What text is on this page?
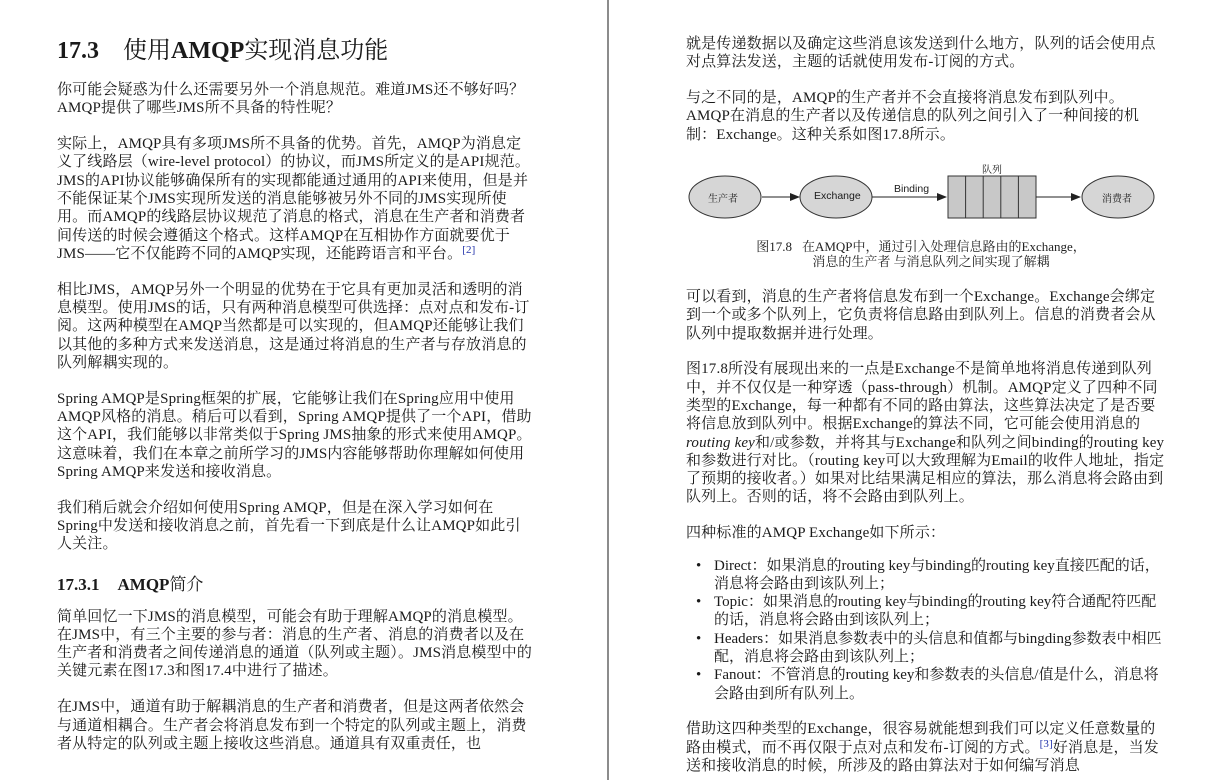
17.3 使用AMQP实现消息功能

你可能会疑惑为什么还需要另外一个消息规范。难道JMS还不够好吗？AMQP提供了哪些JMS所不具备的特性呢？

实际上，AMQP具有多项JMS所不具备的优势。首先，AMQP为消息定义了线路层（wire-level protocol）的协议，而JMS所定义的是API规范。JMS的API协议能够确保所有的实现都能通过通用的API来使用，但是并不能保证某个JMS实现所发送的消息能够被另外不同的JMS实现所使用。而AMQP的线路层协议规范了消息的格式，消息在生产者和消费者间传送的时候会遵循这个格式。这样AMQP在互相协作方面就要优于JMS——它不仅能跨不同的AMQP实现，还能跨语言和平台。[2]

相比JMS，AMQP另外一个明显的优势在于它具有更加灵活和透明的消息模型。使用JMS的话，只有两种消息模型可供选择：点对点和发布-订阅。这两种模型在AMQP当然都是可以实现的，但AMQP还能够让我们以其他的多种方式来发送消息，这是通过将消息的生产者与存放消息的队列解耦实现的。

Spring AMQP是Spring框架的扩展，它能够让我们在Spring应用中使用AMQP风格的消息。稍后可以看到，Spring AMQP提供了一个API，借助这个API，我们能够以非常类似于Spring JMS抽象的形式来使用AMQP。这意味着，我们在本章之前所学习的JMS内容能够帮助你理解如何使用Spring AMQP来发送和接收消息。

我们稍后就会介绍如何使用Spring AMQP，但是在深入学习如何在Spring中发送和接收消息之前，首先看一下到底是什么让AMQP如此引人关注。

17.3.1 AMQP简介

简单回忆一下JMS的消息模型，可能会有助于理解AMQP的消息模型。在JMS中，有三个主要的参与者：消息的生产者、消息的消费者以及在生产者和消费者之间传递消息的通道（队列或主题）。JMS消息模型中的关键元素在图17.3和图17.4中进行了描述。

在JMS中，通道有助于解耦消息的生产者和消费者，但是这两者依然会与通道相耦合。生产者会将消息发布到一个特定的队列或主题上，消费者从特定的队列或主题上接收这些消息。通道具有双重责任，也

就是传递数据以及确定这些消息该发送到什么地方，队列的话会使用点对点算法发送，主题的话就使用发布-订阅的方式。

与之不同的是，AMQP的生产者并不会直接将消息发布到队列中。AMQP在消息的生产者以及传递信息的队列之间引入了一种间接的机制：Exchange。这种关系如图17.8所示。

生产者	Exchange
Binding
队列
消费者
图17.8 在AMQP中，通过引入处理信息路由的Exchange，
消息的生产者 与消息队列之间实现了解耦

可以看到，消息的生产者将信息发布到一个Exchange。Exchange会绑定到一个或多个队列上，它负责将信息路由到队列上。信息的消费者会从队列中提取数据并进行处理。

图17.8所没有展现出来的一点是Exchange不是简单地将消息传递到队列中，并不仅仅是一种穿透（pass-through）机制。AMQP定义了四种不同类型的Exchange，每一种都有不同的路由算法，这些算法决定了是否要将信息放到队列中。根据Exchange的算法不同，它可能会使用消息的routing key和/或参数，并将其与Exchange和队列之间binding的routing key和参数进行对比。（routing key可以大致理解为Email的收件人地址，指定了预期的接收者。）如果对比结果满足相应的算法，那么消息将会路由到队列上。否则的话，将不会路由到队列上。

四种标准的AMQP Exchange如下所示：

• Direct：如果消息的routing key与binding的routing key直接匹配的话，消息将会路由到该队列上；
• Topic：如果消息的routing key与binding的routing key符合通配符匹配的话，消息将会路由到该队列上；
• Headers：如果消息参数表中的头信息和值都与bingding参数表中相匹配，消息将会路由到该队列上；
• Fanout：不管消息的routing key和参数表的头信息/值是什么，消息将会路由到所有队列上。

借助这四种类型的Exchange，很容易就能想到我们可以定义任意数量的路由模式，而不再仅限于点对点和发布-订阅的方式。[3]好消息是，当发送和接收消息的时候，所涉及的路由算法对于如何编写消息
